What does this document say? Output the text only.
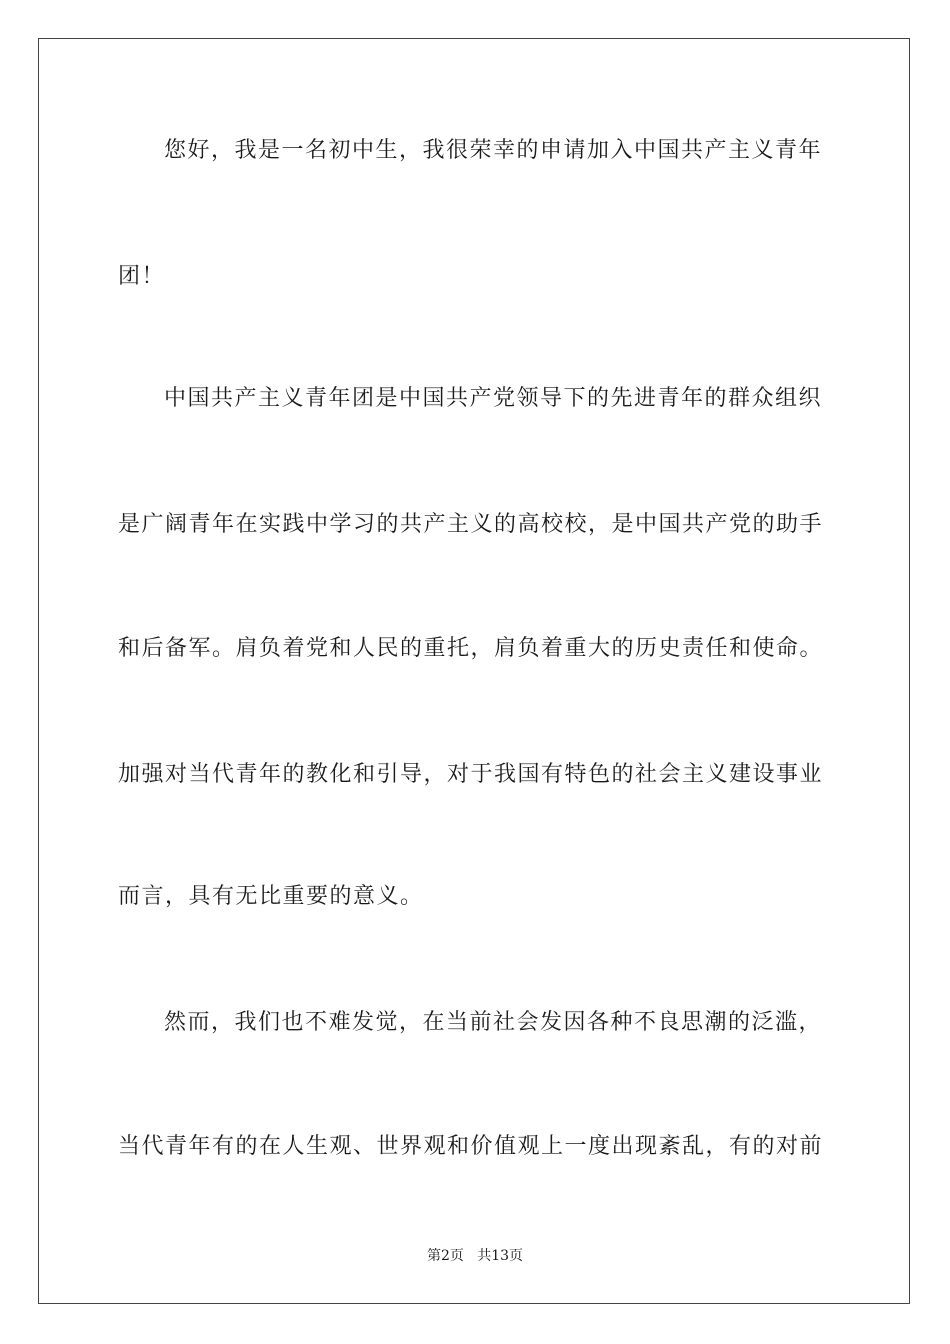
您好，我是一名初中生，我很荣幸的申请加入中国共产主义青年
团！
中国共产主义青年团是中国共产党领导下的先进青年的群众组织
是广阔青年在实践中学习的共产主义的高校校，是中国共产党的助手
和后备军。肩负着党和人民的重托，肩负着重大的历史责任和使命。
加强对当代青年的教化和引导，对于我国有特色的社会主义建设事业
而言，具有无比重要的意义。
然而，我们也不难发觉，在当前社会发因各种不良思潮的泛滥，
当代青年有的在人生观、世界观和价值观上一度出现紊乱，有的对前
第2页   共13页
